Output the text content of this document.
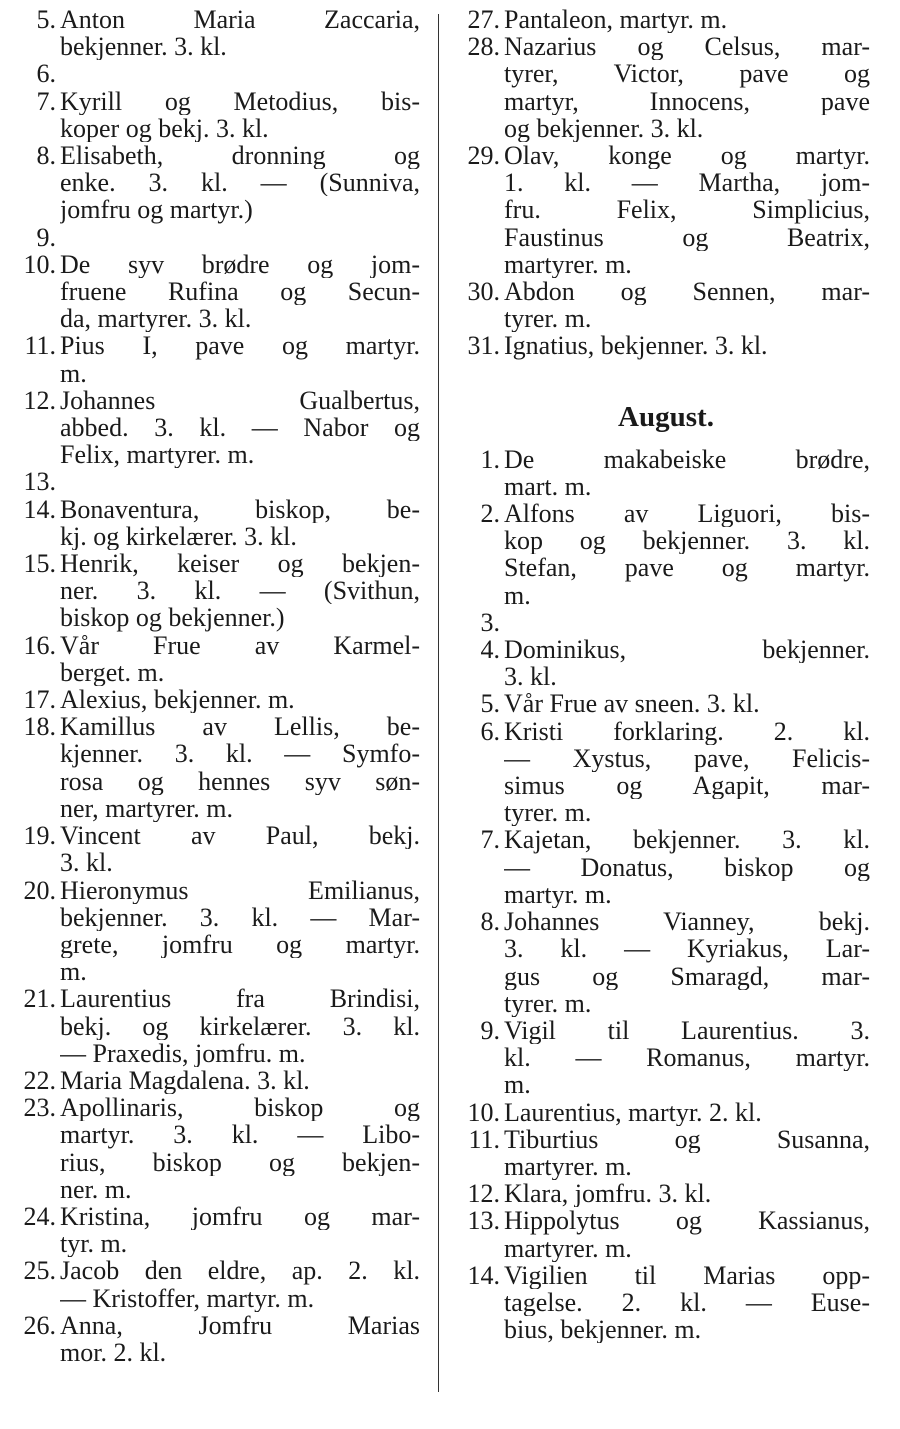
5. Anton Maria Zaccaria,
bekjenner. 3. kl.
6.

7. Kyrill og Metodius, bis-
koper og bekj. 3. kl.
8. Elisabeth, dronning og
enke. 3. kl. — (Sunniva,
jomfru og martyr.)
9.

10. De syv brødre og jom-
fruene Rufina og Secun-
da, martyrer. 3. kl.
11. Pius I, pave og martyr.
m.
12. Johannes Gualbertus,
abbed. 3. kl. — Nabor og
Felix, martyrer. m.
13.

14. Bonaventura, biskop, be-
kj. og kirkelærer. 3. kl.
15. Henrik, keiser og bekjen-
ner. 3. kl. — (Svithun,
biskop og bekjenner.)
16. Vår Frue av Karmel-
berget. m.
17. Alexius, bekjenner. m.
18. Kamillus av Lellis, be-
kjenner. 3. kl. — Symfo-
rosa og hennes syv søn-
ner, martyrer. m.
19. Vincent av Paul, bekj.
3. kl.
20. Hieronymus Emilianus,
bekjenner. 3. kl. — Mar-
grete, jomfru og martyr.
m.
21. Laurentius fra Brindisi,
bekj. og kirkelærer. 3. kl.
— Praxedis, jomfru. m.
22. Maria Magdalena. 3. kl.
23. Apollinaris, biskop og
martyr. 3. kl. — Libo-
rius, biskop og bekjen-
ner. m.
24. Kristina, jomfru og mar-
tyr. m.
25. Jacob den eldre, ap. 2. kl.
— Kristoffer, martyr. m.
26. Anna, Jomfru Marias
mor. 2. kl.
27. Pantaleon, martyr. m.
28. Nazarius og Celsus, mar-
tyrer, Victor, pave og
martyr, Innocens, pave
og bekjenner. 3. kl.
29. Olav, konge og martyr.
1. kl. — Martha, jom-
fru. Felix, Simplicius,
Faustinus og Beatrix,
martyrer. m.
30. Abdon og Sennen, mar-
tyrer. m.
31. Ignatius, bekjenner. 3. kl.
August.
1. De makabeiske brødre,
mart. m.
2. Alfons av Liguori, bis-
kop og bekjenner. 3. kl.
Stefan, pave og martyr.
m.
3.

4. Dominikus, bekjenner.
3. kl.
5. Vår Frue av sneen. 3. kl.
6. Kristi forklaring. 2. kl.
— Xystus, pave, Felicis-
simus og Agapit, mar-
tyrer. m.
7. Kajetan, bekjenner. 3. kl.
— Donatus, biskop og
martyr. m.
8. Johannes Vianney, bekj.
3. kl. — Kyriakus, Lar-
gus og Smaragd, mar-
tyrer. m.
9. Vigil til Laurentius. 3.
kl. — Romanus, martyr.
m.
10. Laurentius, martyr. 2. kl.
11. Tiburtius og Susanna,
martyrer. m.
12. Klara, jomfru. 3. kl.
13. Hippolytus og Kassianus,
martyrer. m.
14. Vigilien til Marias opp-
tagelse. 2. kl. — Euse-
bius, bekjenner. m.
